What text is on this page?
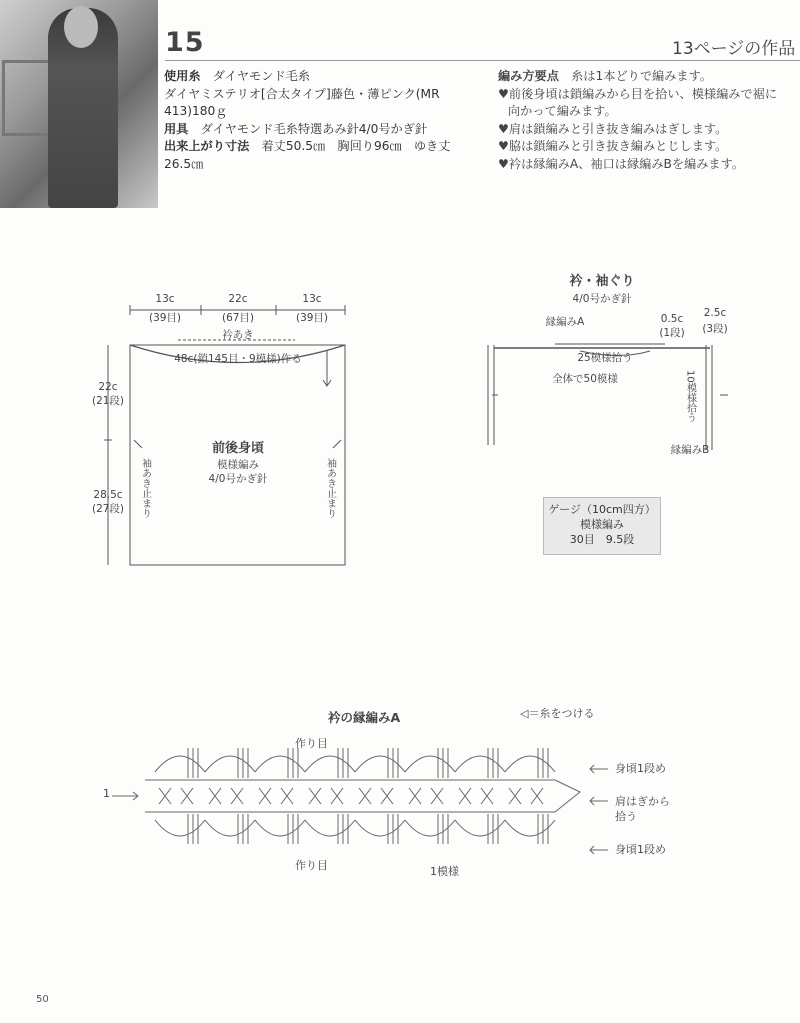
15	13ページの作品
使用糸　 ダイヤモンド毛糸
ダイヤミステリオ[合太タイプ]藤色・薄ピンク(MR 413)180ｇ
用具　 ダイヤモンド毛糸特選あみ針4/0号かぎ針
出来上がり寸法　 着丈50.5㎝　胸回り96㎝　ゆき丈 26.5㎝
編み方要点　 糸は1本どりで編みます。
♥前後身頃は鎖編みから目を拾い、模様編みで裾に
向かって編みます。
♥肩は鎖編みと引き抜き編みはぎします。
♥脇は鎖編みと引き抜き編みとじします。
♥衿は縁編みA、袖口は縁編みBを編みます。
13c
(39目)
22c
(67目)
13c
(39目)
衿あき
48c(鎖145目・9模様)作る
22c
(21段)
28.5c
(27段)
前後身頃
模様編み
4/0号かぎ針
袖あき止まり	袖あき止まり
衿・袖ぐり
4/0号かぎ針
縁編みA	0.5c
(1段)
2.5c
(3段)
25模様拾う
全体で50模様	10模様拾う
縁編みB
ゲージ（10cm四方）
模様編み
30目　9.5段
衿の縁編みA	◁＝糸をつける
作り目
作り目	1模様
1
身頃1段め
肩はぎから
拾う
身頃1段め
50
